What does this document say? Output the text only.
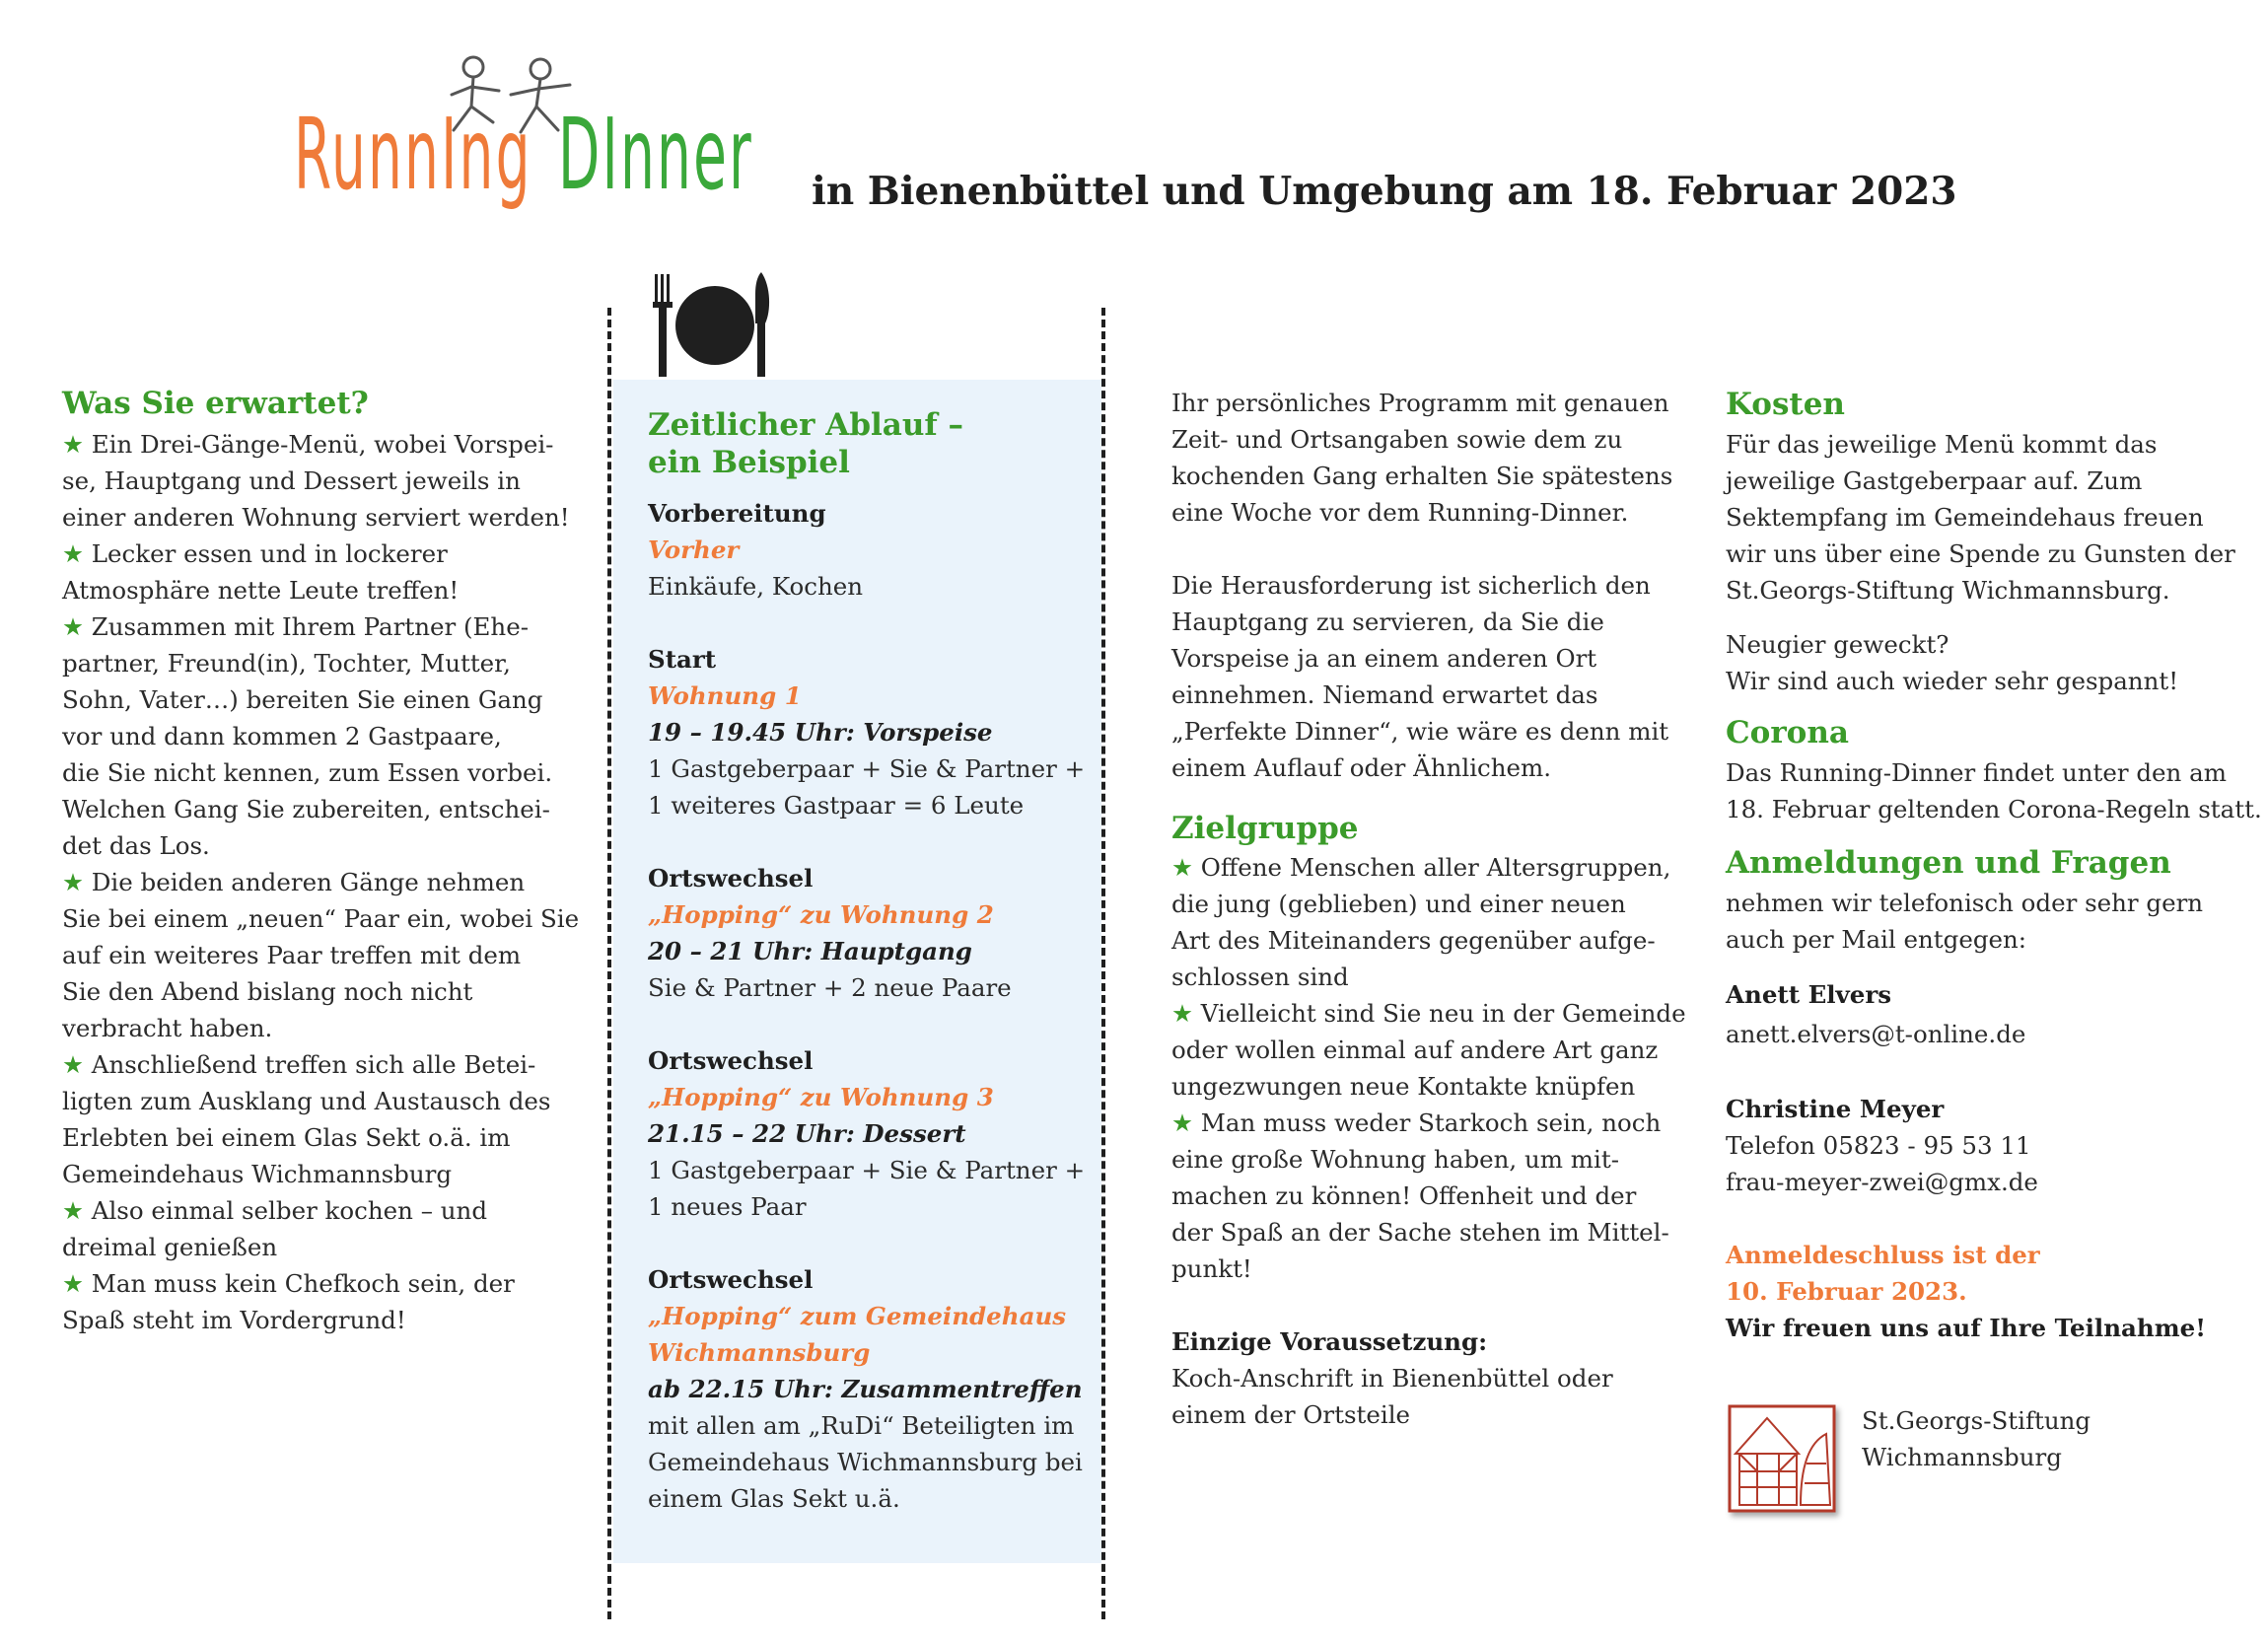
RunnIng DInner in Bienenbüttel und Umgebung am 18. Februar 2023
Was Sie erwartet?
★ Ein Drei-Gänge-Menü, wobei Vorspei-
se, Hauptgang und Dessert jeweils in
einer anderen Wohnung serviert werden!
★ Lecker essen und in lockerer
Atmosphäre nette Leute treffen!
★ Zusammen mit Ihrem Partner (Ehe-
partner, Freund(in), Tochter, Mutter,
Sohn, Vater…) bereiten Sie einen Gang
vor und dann kommen 2 Gastpaare,
die Sie nicht kennen, zum Essen vorbei.
Welchen Gang Sie zubereiten, entschei-
det das Los.
★ Die beiden anderen Gänge nehmen
Sie bei einem „neuen“ Paar ein, wobei Sie
auf ein weiteres Paar treffen mit dem
Sie den Abend bislang noch nicht
verbracht haben.
★ Anschließend treffen sich alle Betei-
ligten zum Ausklang und Austausch des
Erlebten bei einem Glas Sekt o.ä. im
Gemeindehaus Wichmannsburg
★ Also einmal selber kochen – und
dreimal genießen
★ Man muss kein Chefkoch sein, der
Spaß steht im Vordergrund!
Zeitlicher Ablauf –
ein Beispiel
Vorbereitung
Vorher
Einkäufe, Kochen
Start
Wohnung 1
19 – 19.45 Uhr: Vorspeise
1 Gastgeberpaar + Sie & Partner +
1 weiteres Gastpaar = 6 Leute
Ortswechsel
„Hopping“ zu Wohnung 2
20 – 21 Uhr: Hauptgang
Sie & Partner + 2 neue Paare
Ortswechsel
„Hopping“ zu Wohnung 3
21.15 – 22 Uhr: Dessert
1 Gastgeberpaar + Sie & Partner +
1 neues Paar
Ortswechsel
„Hopping“ zum Gemeindehaus
Wichmannsburg
ab 22.15 Uhr: Zusammentreffen
mit allen am „RuDi“ Beteiligten im
Gemeindehaus Wichmannsburg bei
einem Glas Sekt u.ä.
Ihr persönliches Programm mit genauen
Zeit- und Ortsangaben sowie dem zu
kochenden Gang erhalten Sie spätestens
eine Woche vor dem Running-Dinner.
Die Herausforderung ist sicherlich den
Hauptgang zu servieren, da Sie die
Vorspeise ja an einem anderen Ort
einnehmen. Niemand erwartet das
„Perfekte Dinner“, wie wäre es denn mit
einem Auflauf oder Ähnlichem.
Zielgruppe
★ Offene Menschen aller Altersgruppen,
die jung (geblieben) und einer neuen
Art des Miteinanders gegenüber aufge-
schlossen sind
★ Vielleicht sind Sie neu in der Gemeinde
oder wollen einmal auf andere Art ganz
ungezwungen neue Kontakte knüpfen
★ Man muss weder Starkoch sein, noch
eine große Wohnung haben, um mit-
machen zu können! Offenheit und der
der Spaß an der Sache stehen im Mittel-
punkt!
Einzige Voraussetzung:
Koch-Anschrift in Bienenbüttel oder
einem der Ortsteile
Kosten
Für das jeweilige Menü kommt das
jeweilige Gastgeberpaar auf. Zum
Sektempfang im Gemeindehaus freuen
wir uns über eine Spende zu Gunsten der
St.Georgs-Stiftung Wichmannsburg.
Neugier geweckt?
Wir sind auch wieder sehr gespannt!
Corona
Das Running-Dinner findet unter den am
18. Februar geltenden Corona-Regeln statt.
Anmeldungen und Fragen
nehmen wir telefonisch oder sehr gern
auch per Mail entgegen:
Anett Elvers
anett.elvers@t-online.de
Christine Meyer
Telefon 05823 - 95 53 11
frau-meyer-zwei@gmx.de
Anmeldeschluss ist der
10. Februar 2023.
Wir freuen uns auf Ihre Teilnahme!
St.Georgs-Stiftung
Wichmannsburg
